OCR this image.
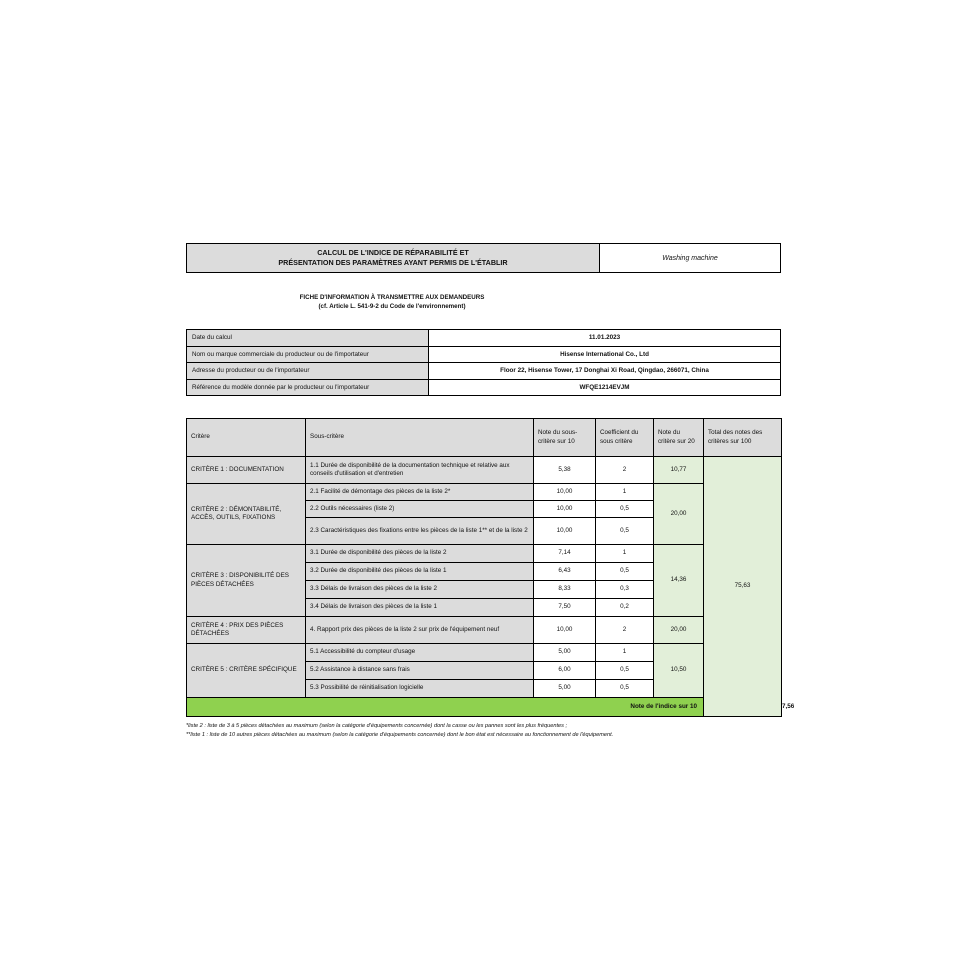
CALCUL DE L'INDICE DE RÉPARABILITÉ ET
PRÉSENTATION DES PARAMÈTRES AYANT PERMIS DE L'ÉTABLIR	Washing machine
FICHE D'INFORMATION À TRANSMETTRE AUX DEMANDEURS
(cf. Article L. 541-9-2 du Code de l'environnement)
Date du calcul	11.01.2023
Nom ou marque commerciale du producteur ou de l'importateur	Hisense International Co., Ltd
Adresse du producteur ou de l'importateur	Floor 22, Hisense Tower, 17 Donghai Xi Road, Qingdao, 266071, China
Référence du modèle donnée par le producteur ou l'importateur	WFQE1214EVJM
Critère	Sous-critère	Note du sous-critère sur 10	Coefficient du sous critère	Note du critère sur 20	Total des notes des critères sur 100	
CRITÈRE 1 : DOCUMENTATION	1.1 Durée de disponibilité de la documentation technique et relative aux conseils d'utilisation et d'entretien	5,38	2	10,77	75,63	
CRITÈRE 2 : DÉMONTABILITÉ, ACCÈS, OUTILS, FIXATIONS	2.1 Facilité de démontage des pièces de la liste 2*	10,00	1	20,00		
	2.2 Outils nécessaires (liste 2)	10,00	0,5			
	2.3 Caractéristiques des fixations entre les pièces de la liste 1** et de la liste 2	10,00	0,5			
CRITÈRE 3 : DISPONIBILITÉ DES PIÈCES DÉTACHÉES	3.1 Durée de disponibilité des pièces de la liste 2	7,14	1	14,36		
	3.2 Durée de disponibilité des pièces de la liste 1	6,43	0,5			
	3.3 Délais de livraison des pièces de la liste 2	8,33	0,3			
	3.4 Délais de livraison des pièces de la liste 1	7,50	0,2			
CRITÈRE 4 : PRIX DES PIÈCES DÉTACHÉES	4. Rapport prix des pièces de la liste 2 sur prix de l'équipement neuf	10,00	2	20,00		
CRITÈRE 5 : CRITÈRE SPÉCIFIQUE	5.1 Accessibilité du compteur d'usage	5,00	1	10,50		
	5.2 Assistance à distance sans frais	6,00	0,5			
	5.3 Possibilité de réinitialisation logicielle	5,00	0,5			
Note de l'indice sur 10						7,56
*liste 2 : liste de 3 à 5 pièces détachées au maximum (selon la catégorie d'équipements concernée) dont la casse ou les pannes sont les plus fréquentes ;
**liste 1 : liste de 10 autres pièces détachées au maximum (selon la catégorie d'équipements concernée) dont le bon état est nécessaire au fonctionnement de l'équipement.
